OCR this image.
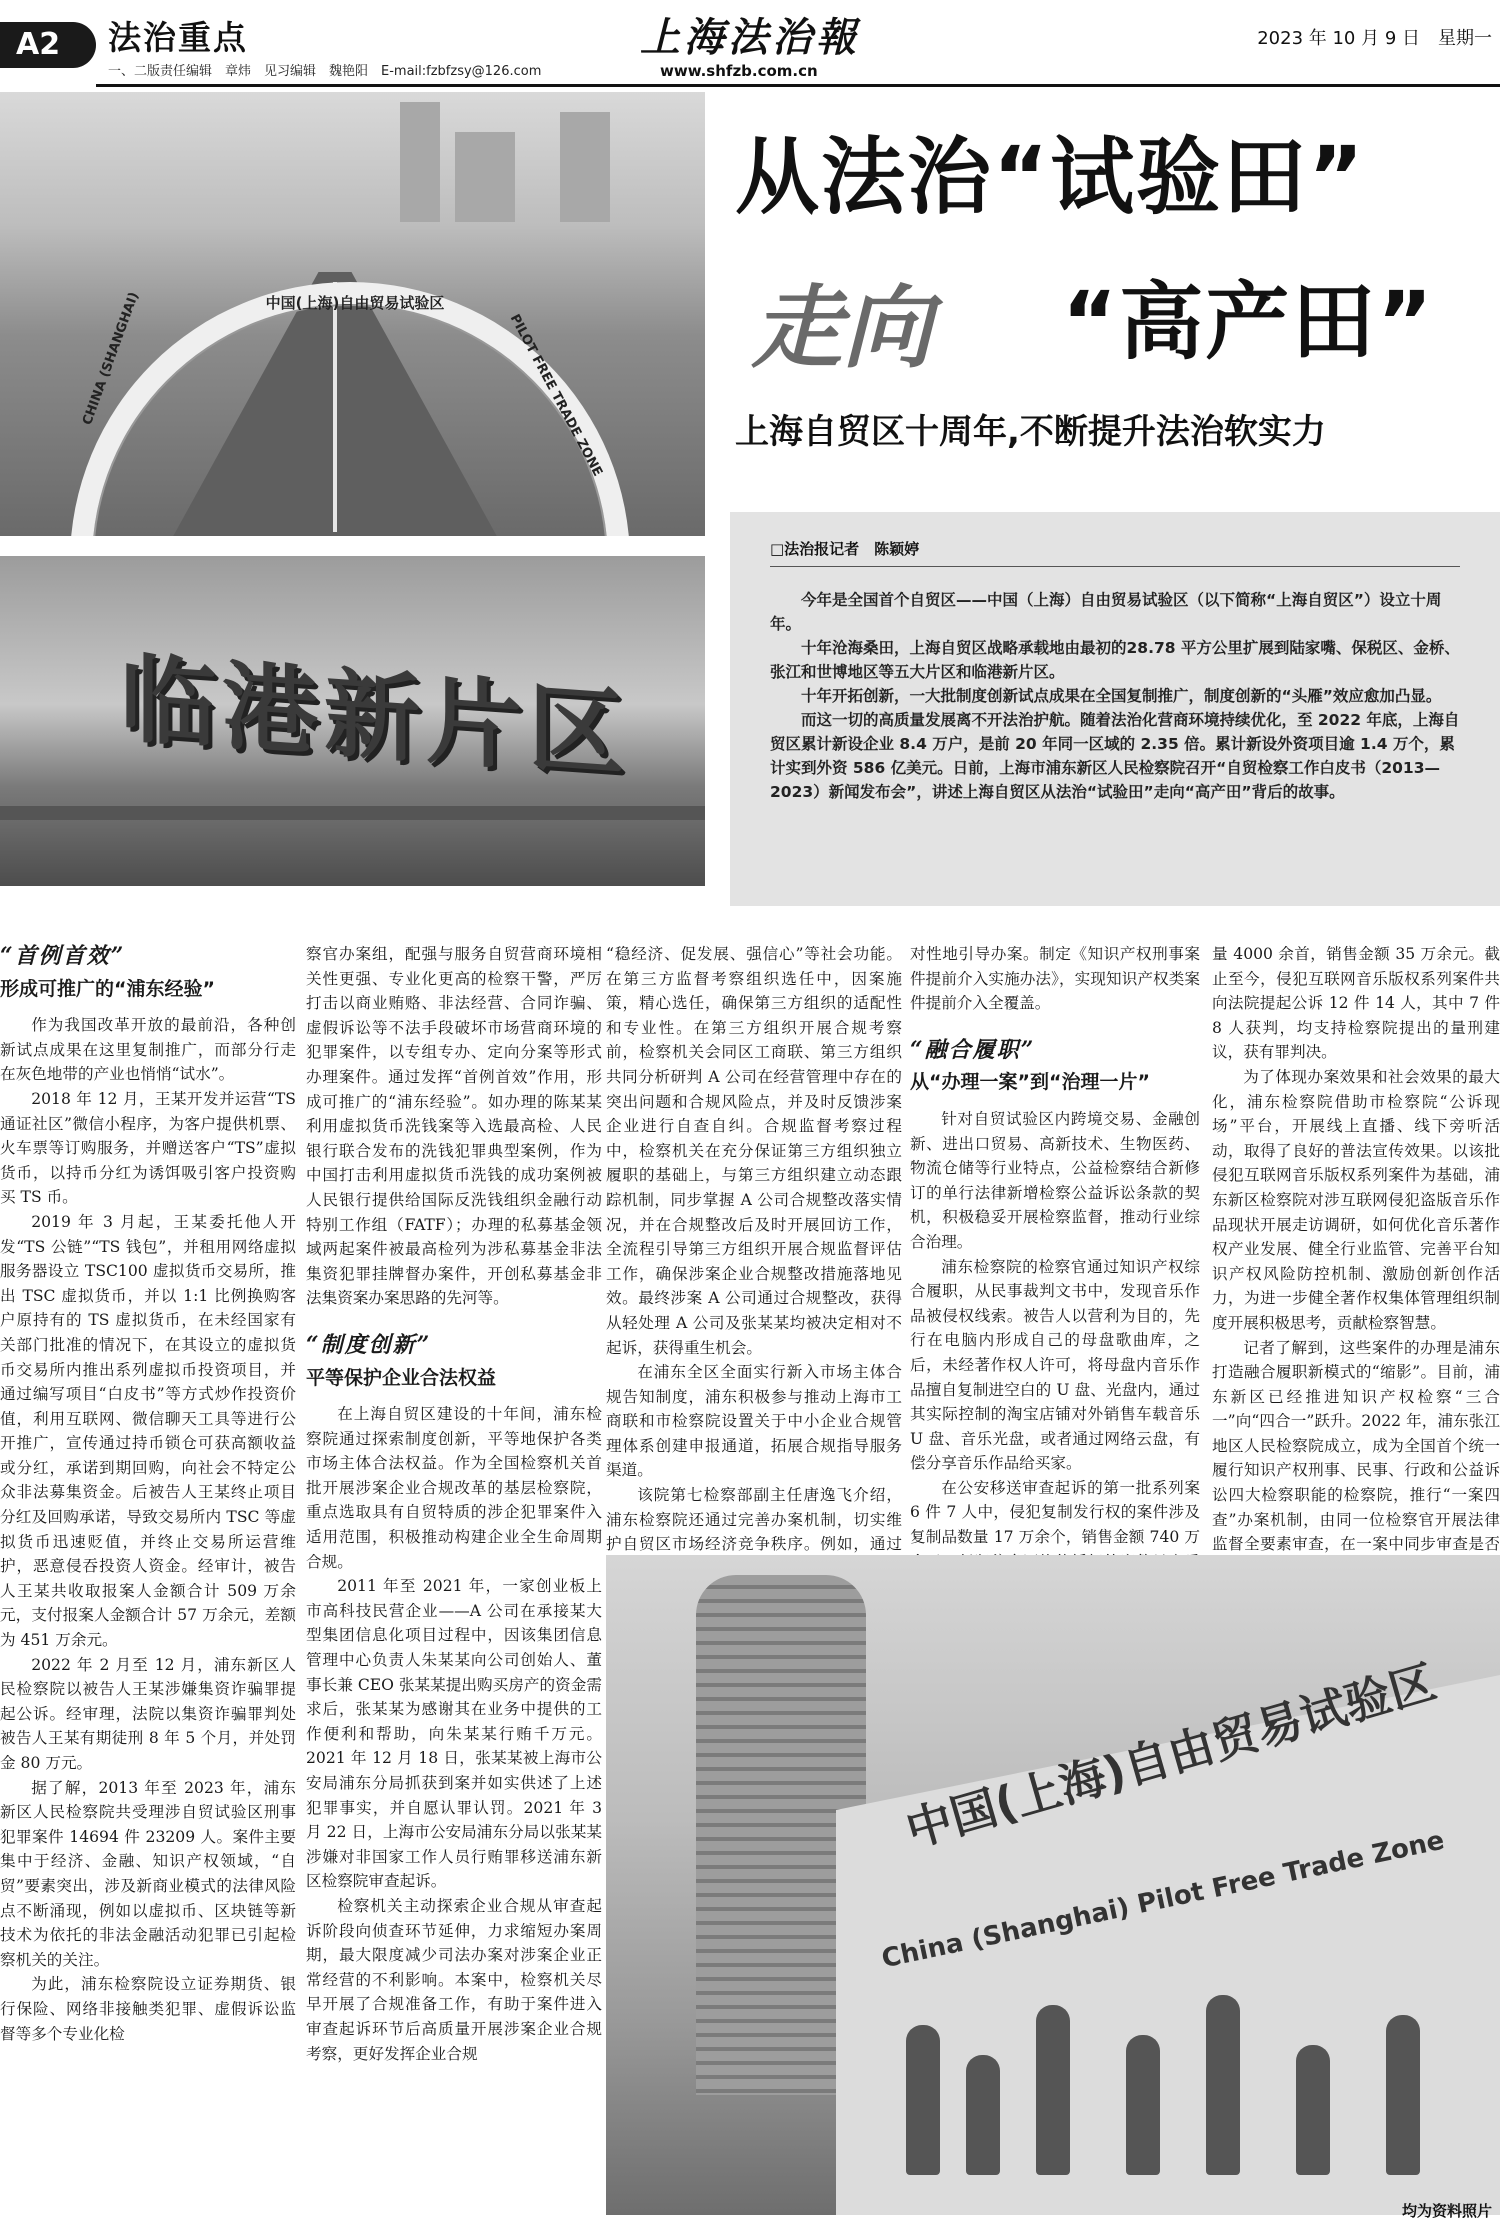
A2	法治重点
一、二版责任编辑　章炜　见习编辑　魏艳阳　E-mail:fzbfzsy@126.com
上海法治報
www.shfzb.com.cn
2023 年 10 月 9 日　星期一
中国(上海)自由贸易试验区
CHINA (SHANGHAI)	PILOT FREE TRADE ZONE
临港新片区
从法治“试验田”
走向 “高产田”
上海自贸区十周年,不断提升法治软实力
□法治报记者　陈颖婷

今年是全国首个自贸区——中国（上海）自由贸易试验区（以下简称“上海自贸区”）设立十周年。

十年沧海桑田，上海自贸区战略承载地由最初的28.78 平方公里扩展到陆家嘴、保税区、金桥、张江和世博地区等五大片区和临港新片区。

十年开拓创新，一大批制度创新试点成果在全国复制推广，制度创新的“头雁”效应愈加凸显。

而这一切的高质量发展离不开法治护航。随着法治化营商环境持续优化，至 2022 年底，上海自贸区累计新设企业 8.4 万户，是前 20 年同一区域的 2.35 倍。累计新设外资项目逾 1.4 万个，累计实到外资 586 亿美元。日前，上海市浦东新区人民检察院召开“自贸检察工作白皮书（2013—2023）新闻发布会”，讲述上海自贸区从法治“试验田”走向“高产田”背后的故事。

“首例首效”
形成可推广的“浦东经验”

作为我国改革开放的最前沿，各种创新试点成果在这里复制推广，而部分行走在灰色地带的产业也悄悄“试水”。

2018 年 12 月，王某开发并运营“TS 通证社区”微信小程序，为客户提供机票、火车票等订购服务，并赠送客户“TS”虚拟货币，以持币分红为诱饵吸引客户投资购买 TS 币。

2019 年 3 月起，王某委托他人开发“TS 公链”“TS 钱包”，并租用网络虚拟服务器设立 TSC100 虚拟货币交易所，推出 TSC 虚拟货币，并以 1:1 比例换购客户原持有的 TS 虚拟货币，在未经国家有关部门批准的情况下，在其设立的虚拟货币交易所内推出系列虚拟币投资项目，并通过编写项目“白皮书”等方式炒作投资价值，利用互联网、微信聊天工具等进行公开推广，宣传通过持币锁仓可获高额收益或分红，承诺到期回购，向社会不特定公众非法募集资金。后被告人王某终止项目分红及回购承诺，导致交易所内 TSC 等虚拟货币迅速贬值，并终止交易所运营维护，恶意侵吞投资人资金。经审计，被告人王某共收取报案人金额合计 509 万余元，支付报案人金额合计 57 万余元，差额为 451 万余元。

2022 年 2 月至 12 月，浦东新区人民检察院以被告人王某涉嫌集资诈骗罪提起公诉。经审理，法院以集资诈骗罪判处被告人王某有期徒刑 8 年 5 个月，并处罚金 80 万元。

据了解，2013 年至 2023 年，浦东新区人民检察院共受理涉自贸试验区刑事犯罪案件 14694 件 23209 人。案件主要集中于经济、金融、知识产权领域，“自贸”要素突出，涉及新商业模式的法律风险点不断涌现，例如以虚拟币、区块链等新技术为依托的非法金融活动犯罪已引起检察机关的关注。

为此，浦东检察院设立证券期货、银行保险、网络非接触类犯罪、虚假诉讼监督等多个专业化检

察官办案组，配强与服务自贸营商环境相关性更强、专业化更高的检察干警，严厉打击以商业贿赂、非法经营、合同诈骗、虚假诉讼等不法手段破坏市场营商环境的犯罪案件，以专组专办、定向分案等形式办理案件。通过发挥“首例首效”作用，形成可推广的“浦东经验”。如办理的陈某某利用虚拟货币洗钱案等入选最高检、人民银行联合发布的洗钱犯罪典型案例，作为中国打击利用虚拟货币洗钱的成功案例被人民银行提供给国际反洗钱组织金融行动特别工作组（FATF）；办理的私募基金领域两起案件被最高检列为涉私募基金非法集资犯罪挂牌督办案件，开创私募基金非法集资案办案思路的先河等。

“制度创新”
平等保护企业合法权益

在上海自贸区建设的十年间，浦东检察院通过探索制度创新，平等地保护各类市场主体合法权益。作为全国检察机关首批开展涉案企业合规改革的基层检察院，重点选取具有自贸特质的涉企犯罪案件入适用范围，积极推动构建企业全生命周期合规。

2011 年至 2021 年，一家创业板上市高科技民营企业——A 公司在承接某大型集团信息化项目过程中，因该集团信息管理中心负责人朱某某向公司创始人、董事长兼 CEO 张某某提出购买房产的资金需求后，张某某为感谢其在业务中提供的工作便利和帮助，向朱某某行贿千万元。2021 年 12 月 18 日，张某某被上海市公安局浦东分局抓获到案并如实供述了上述犯罪事实，并自愿认罪认罚。2021 年 3 月 22 日，上海市公安局浦东分局以张某某涉嫌对非国家工作人员行贿罪移送浦东新区检察院审查起诉。

检察机关主动探索企业合规从审查起诉阶段向侦查环节延伸，力求缩短办案周期，最大限度减少司法办案对涉案企业正常经营的不利影响。本案中，检察机关尽早开展了合规准备工作，有助于案件进入审查起诉环节后高质量开展涉案企业合规考察，更好发挥企业合规

“稳经济、促发展、强信心”等社会功能。在第三方监督考察组织选任中，因案施策，精心选任，确保第三方组织的适配性和专业性。在第三方组织开展合规考察前，检察机关会同区工商联、第三方组织共同分析研判 A 公司在经营管理中存在的突出问题和合规风险点，并及时反馈涉案企业进行自查自纠。合规监督考察过程中，检察机关在充分保证第三方组织独立履职的基础上，与第三方组织建立动态跟踪机制，同步掌握 A 公司合规整改落实情况，并在合规整改后及时开展回访工作，全流程引导第三方组织开展合规监督评估工作，确保涉案企业合规整改措施落地见效。最终涉案 A 公司通过合规整改，获得从轻处理 A 公司及张某某均被决定相对不起诉，获得重生机会。

在浦东全区全面实行新入市场主体合规告知制度，浦东积极参与推动上海市工商联和市检察院设置关于中小企业合规管理体系创建申报通道，拓展合规指导服务渠道。

该院第七检察部副主任唐逸飞介绍，浦东检察院还通过完善办案机制，切实维护自贸区市场经济竞争秩序。例如，通过

对性地引导办案。制定《知识产权刑事案件提前介入实施办法》，实现知识产权类案件提前介入全覆盖。

“融合履职”
从“办理一案”到“治理一片”

针对自贸试验区内跨境交易、金融创新、进出口贸易、高新技术、生物医药、物流仓储等行业特点，公益检察结合新修订的单行法律新增检察公益诉讼条款的契机，积极稳妥开展检察监督，推动行业综合治理。

浦东检察院的检察官通过知识产权综合履职，从民事裁判文书中，发现音乐作品被侵权线索。被告人以营利为目的，先行在电脑内形成自己的母盘歌曲库，之后，未经著作权人许可，将母盘内音乐作品擅自复制进空白的 U 盘、光盘内，通过其实际控制的淘宝店铺对外销售车载音乐 U 盘、音乐光盘，或者通过网络云盘，有偿分享音乐作品给买家。

在公安移送审查起诉的第一批系列案 6 件 7 人中，侵犯复制发行权的案件涉及复制品数量 17 万余个，销售金额 740 万

量 4000 余首，销售金额 35 万余元。截止至今，侵犯互联网音乐版权系列案件共向法院提起公诉 12 件 14 人，其中 7 件 8 人获判，均支持检察院提出的量刑建议，获有罪判决。

为了体现办案效果和社会效果的最大化，浦东检察院借助市检察院“公诉现场”平台，开展线上直播、线下旁听活动，取得了良好的普法宣传效果。以该批侵犯互联网音乐版权系列案件为基础，浦东新区检察院对涉互联网侵犯盗版音乐作品现状开展走访调研，如何优化音乐著作权产业发展、健全行业监管、完善平台知识产权风险防控机制、激励创新创作活力，为进一步健全著作权集体管理组织制度开展积极思考，贡献检察智慧。

记者了解到，这些案件的办理是浦东打造融合履职新模式的“缩影”。目前，浦东新区已经推进知识产权检察“三合一”向“四合一”跃升。2022 年，浦东张江地区人民检察院成立，成为全国首个统一履行知识产权刑事、民事、行政和公益诉讼四大检察职能的检察院，推行“一案四查”办案机制，由同一位检察官开展法律监督全要素审查，在一案中同步审查是否

中国(上海)自由贸易试验区
China (Shanghai) Pilot Free Trade Zone
均为资料照片
